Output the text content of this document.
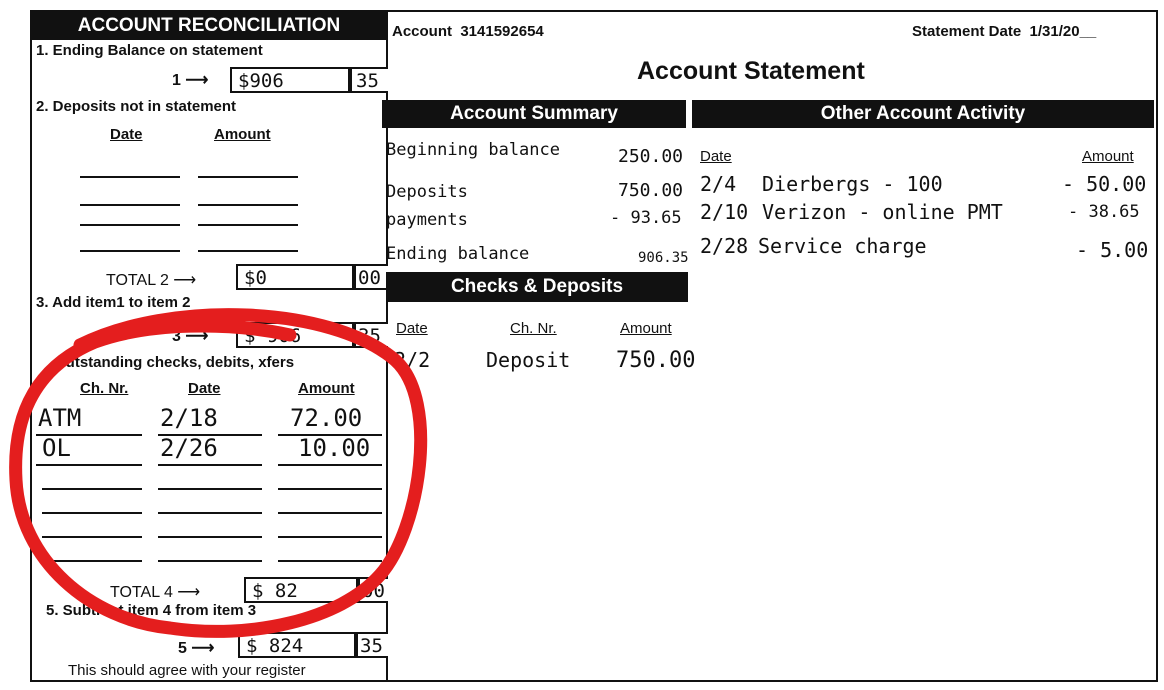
ACCOUNT RECONCILIATION
1. Ending Balance on statement
1 ⟶ $906	35
2. Deposits not in statement
Date	Amount
TOTAL 2 ⟶	$0	00
3. Add item1 to item 2
3 ⟶ $ 906	35
Outstanding checks, debits, xfers
Ch. Nr.	Date	Amount
ATM	2/18	72.00
OL	2/26	10.00
TOTAL 4 ⟶	$ 82	00
5. Subtract item 4 from item 3
5 ⟶ $ 824	35
This should agree with your register
Account 3141592654	Statement Date 1/31/20__
Account Statement
Account Summary	Other Account Activity
Beginning balance	250.00
Deposits	750.00
payments	- 93.65
Ending balance	906.35
Date	Amount
2/4 Dierbergs - 100	- 50.00
2/10 Verizon - online PMT	- 38.65
2/28 Service charge	- 5.00
Checks & Deposits
Date	Ch. Nr.	Amount
2/2	Deposit 750.00
